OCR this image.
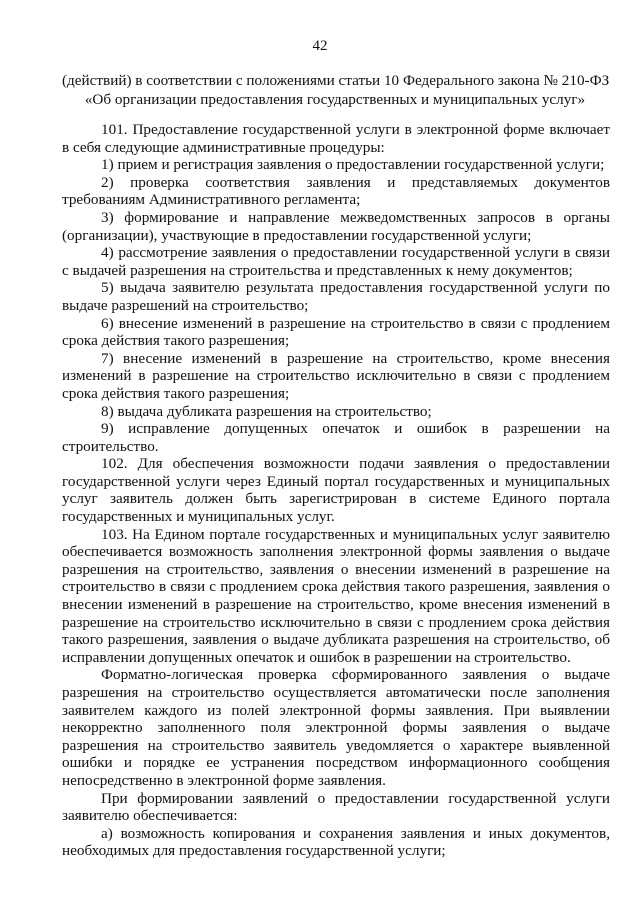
42
(действий) в соответствии с положениями статьи 10 Федерального закона № 210-ФЗ
«Об организации предоставления государственных и муниципальных услуг»

101. Предоставление государственной услуги в электронной форме включает в себя следующие административные процедуры:

1) прием и регистрация заявления о предоставлении государственной услуги;

2) проверка соответствия заявления и представляемых документов требованиям Административного регламента;

3) формирование и направление межведомственных запросов в органы (организации), участвующие в предоставлении государственной услуги;

4) рассмотрение заявления о предоставлении государственной услуги в связи с выдачей разрешения на строительства и представленных к нему документов;

5) выдача заявителю результата предоставления государственной услуги по выдаче разрешений на строительство;

6) внесение изменений в разрешение на строительство в связи с продлением срока действия такого разрешения;

7) внесение изменений в разрешение на строительство, кроме внесения изменений в разрешение на строительство исключительно в связи с продлением срока действия такого разрешения;

8) выдача дубликата разрешения на строительство;

9) исправление допущенных опечаток и ошибок в разрешении на строительство.

102. Для обеспечения возможности подачи заявления о предоставлении государственной услуги через Единый портал государственных и муниципальных услуг заявитель должен быть зарегистрирован в системе Единого портала государственных и муниципальных услуг.

103. На Едином портале государственных и муниципальных услуг заявителю обеспечивается возможность заполнения электронной формы заявления о выдаче разрешения на строительство, заявления о внесении изменений в разрешение на строительство в связи с продлением срока действия такого разрешения, заявления о внесении изменений в разрешение на строительство, кроме внесения изменений в разрешение на строительство исключительно в связи с продлением срока действия такого разрешения, заявления о выдаче дубликата разрешения на строительство, об исправлении допущенных опечаток и ошибок в разрешении на строительство.

Форматно-логическая проверка сформированного заявления о выдаче разрешения на строительство осуществляется автоматически после заполнения заявителем каждого из полей электронной формы заявления. При выявлении некорректно заполненного поля электронной формы заявления о выдаче разрешения на строительство заявитель уведомляется о характере выявленной ошибки и порядке ее устранения посредством информационного сообщения непосредственно в электронной форме заявления.

При формировании заявлений о предоставлении государственной услуги заявителю обеспечивается:

а) возможность копирования и сохранения заявления и иных документов, необходимых для предоставления государственной услуги;
